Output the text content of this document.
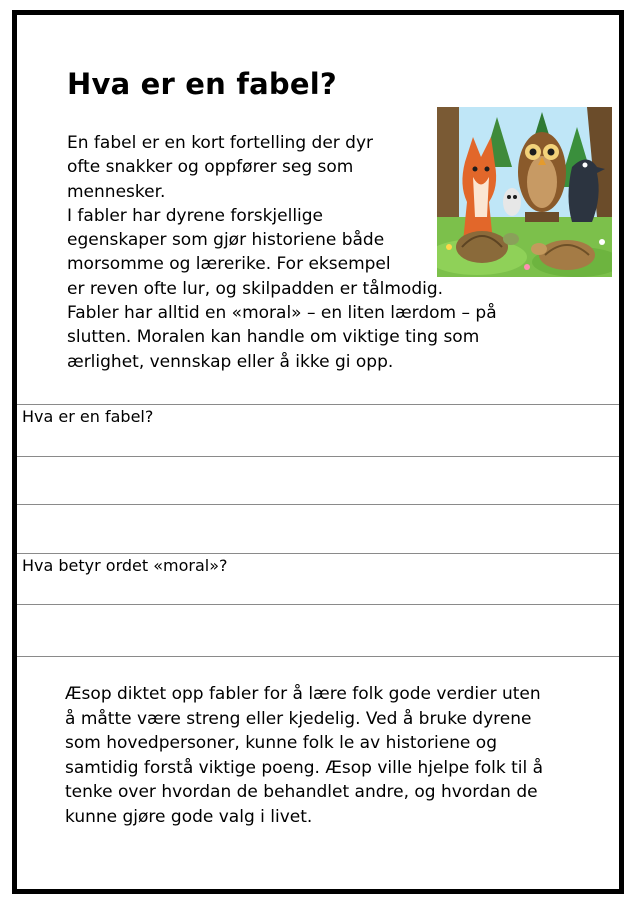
Hva er en fabel?
En fabel er en kort fortelling der dyr
ofte snakker og oppfører seg som
mennesker.
I fabler har dyrene forskjellige
egenskaper som gjør historiene både
morsomme og lærerike. For eksempel
er reven ofte lur, og skilpadden er tålmodig.
Fabler har alltid en «moral» – en liten lærdom – på
slutten. Moralen kan handle om viktige ting som
ærlighet, vennskap eller å ikke gi opp.
Hva er en fabel?
Hva betyr ordet «moral»?
Æsop diktet opp fabler for å lære folk gode verdier uten
å måtte være streng eller kjedelig. Ved å bruke dyrene
som hovedpersoner, kunne folk le av historiene og
samtidig forstå viktige poeng. Æsop ville hjelpe folk til å
tenke over hvordan de behandlet andre, og hvordan de
kunne gjøre gode valg i livet.
